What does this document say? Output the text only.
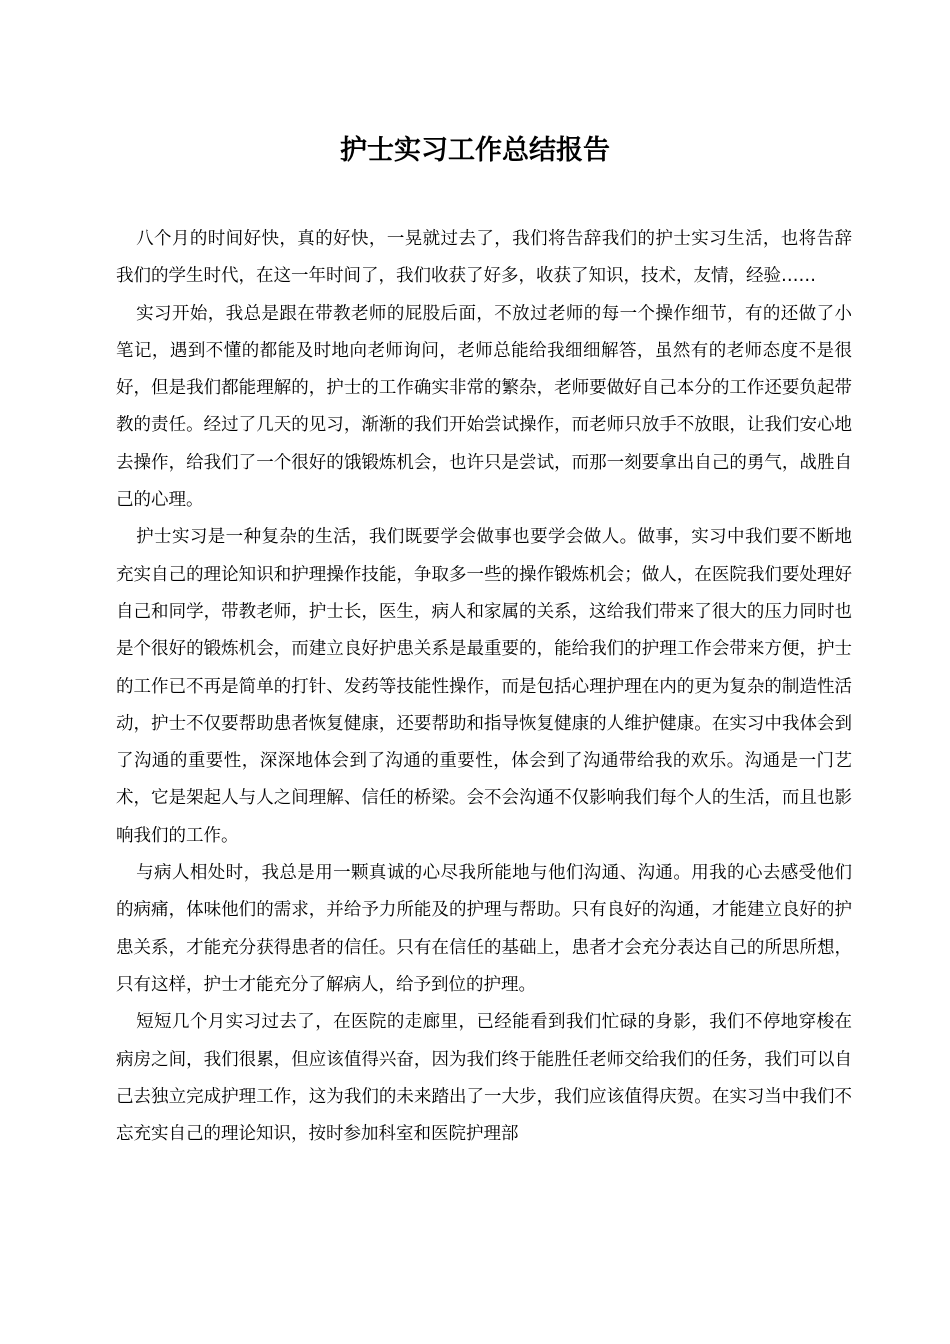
护士实习工作总结报告

八个月的时间好快，真的好快，一晃就过去了，我们将告辞我们的护士实习生活，也将告辞我们的学生时代，在这一年时间了，我们收获了好多，收获了知识，技术，友情，经验……

实习开始，我总是跟在带教老师的屁股后面，不放过老师的每一个操作细节，有的还做了小笔记，遇到不懂的都能及时地向老师询问，老师总能给我细细解答，虽然有的老师态度不是很好，但是我们都能理解的，护士的工作确实非常的繁杂，老师要做好自己本分的工作还要负起带教的责任。经过了几天的见习，渐渐的我们开始尝试操作，而老师只放手不放眼，让我们安心地去操作，给我们了一个很好的饿锻炼机会，也许只是尝试，而那一刻要拿出自己的勇气，战胜自己的心理。

护士实习是一种复杂的生活，我们既要学会做事也要学会做人。做事，实习中我们要不断地充实自己的理论知识和护理操作技能，争取多一些的操作锻炼机会；做人，在医院我们要处理好自己和同学，带教老师，护士长，医生，病人和家属的关系，这给我们带来了很大的压力同时也是个很好的锻炼机会，而建立良好护患关系是最重要的，能给我们的护理工作会带来方便，护士的工作已不再是简单的打针、发药等技能性操作，而是包括心理护理在内的更为复杂的制造性活动，护士不仅要帮助患者恢复健康，还要帮助和指导恢复健康的人维护健康。在实习中我体会到了沟通的重要性，深深地体会到了沟通的重要性，体会到了沟通带给我的欢乐。沟通是一门艺术，它是架起人与人之间理解、信任的桥梁。会不会沟通不仅影响我们每个人的生活，而且也影响我们的工作。

与病人相处时，我总是用一颗真诚的心尽我所能地与他们沟通、沟通。用我的心去感受他们的病痛，体味他们的需求，并给予力所能及的护理与帮助。只有良好的沟通，才能建立良好的护患关系，才能充分获得患者的信任。只有在信任的基础上，患者才会充分表达自己的所思所想，只有这样，护士才能充分了解病人，给予到位的护理。

短短几个月实习过去了，在医院的走廊里，已经能看到我们忙碌的身影，我们不停地穿梭在病房之间，我们很累，但应该值得兴奋，因为我们终于能胜任老师交给我们的任务，我们可以自己去独立完成护理工作，这为我们的未来踏出了一大步，我们应该值得庆贺。在实习当中我们不忘充实自己的理论知识，按时参加科室和医院护理部
